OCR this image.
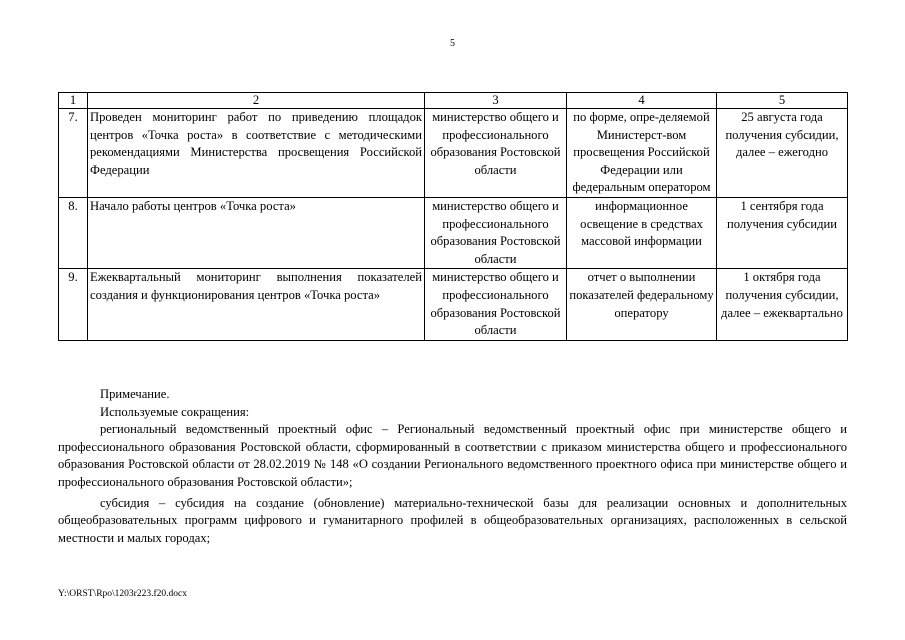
5
1	2	3	4	5
7.	Проведен мониторинг работ по приведению площадок центров «Точка роста» в соответствие с методическими рекомендациями Министерства просвещения Российской Федерации	министерство общего и профессионального образования Ростовской области	по форме, опре-деляемой Министерст-вом просвещения Российской Федерации или федеральным оператором	25 августа года получения субсидии, далее – ежегодно
8.	Начало работы центров «Точка роста»	министерство общего и профессионального образования Ростовской области	информационное освещение в средствах массовой информации	1 сентября года получения субсидии
9.	Ежеквартальный мониторинг выполнения показателей создания и функционирования центров «Точка роста»	министерство общего и профессионального образования Ростовской области	отчет о выполнении показателей федеральному оператору	1 октября года получения субсидии, далее – ежеквартально

Примечание.

Используемые сокращения:

региональный ведомственный проектный офис – Региональный ведомственный проектный офис при министерстве общего и профессионального образования Ростовской области, сформированный в соответствии с приказом министерства общего и профессионального образования Ростовской области от 28.02.2019 № 148 «О создании Регионального ведомственного проектного офиса при министерстве общего и профессионального образования Ростовской области»;

субсидия – субсидия на создание (обновление) материально-технической базы для реализации основных и дополнительных общеобразовательных программ цифрового и гуманитарного профилей в общеобразовательных организациях, расположенных в сельской местности и малых городах;

Y:\ORST\Rpo\1203r223.f20.docx
